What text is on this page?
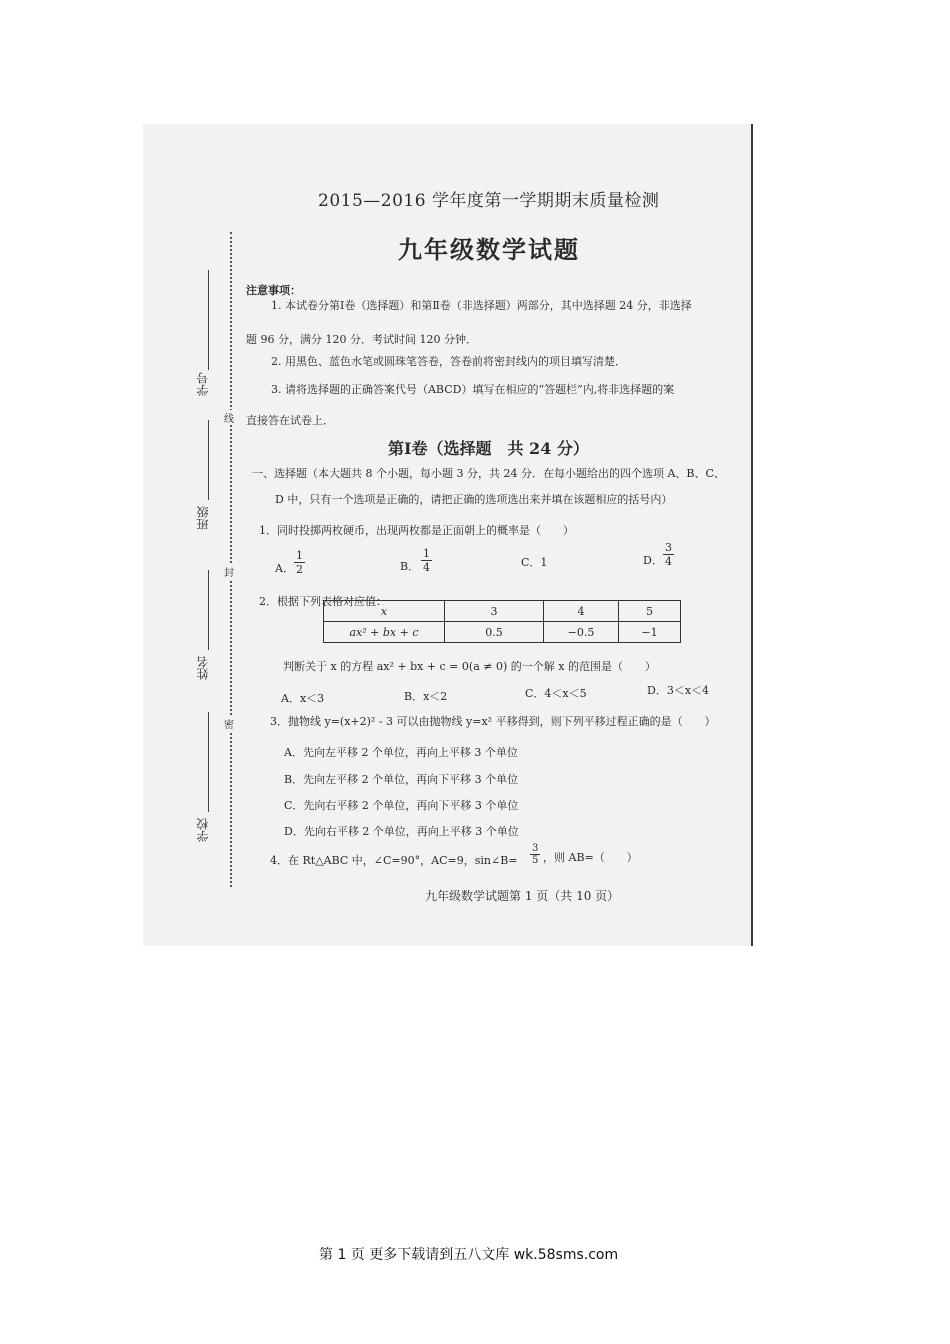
学号
班级
姓名
学校
线
封
密
2015—2016 学年度第一学期期末质量检测
九年级数学试题
注意事项：
1. 本试卷分第Ⅰ卷（选择题）和第Ⅱ卷（非选择题）两部分，其中选择题 24 分，非选择
题 96 分，满分 120 分．考试时间 120 分钟．
2. 用黑色、蓝色水笔或圆珠笔答卷，答卷前将密封线内的项目填写清楚．
3. 请将选择题的正确答案代号（ABCD）填写在相应的“答题栏”内,将非选择题的案
直接答在试卷上．
第Ⅰ卷（选择题　共 24 分）
一、选择题（本大题共 8 个小题，每小题 3 分，共 24 分．在每小题给出的四个选项 A、B、C、
D 中，只有一个选项是正确的，请把正确的选项选出来并填在该题相应的括号内）
1．同时投掷两枚硬币，出现两枚都是正面朝上的概率是（　　）
A． $\frac{1}{2}$	B． $\frac{1}{4}$	C．1	D． $\frac{3}{4}$
2．根据下列表格对应值：
x	3	4	5
ax² + bx + c	0.5	−0.5	−1
判断关于 x 的方程 ax² + bx + c = 0(a ≠ 0) 的一个解 x 的范围是（　　）
A．x＜3	B．x＜2	C．4＜x＜5	D．3＜x＜4
3．抛物线 y=(x+2)² - 3 可以由抛物线 y=x² 平移得到，则下列平移过程正确的是（　　）
A．先向左平移 2 个单位，再向上平移 3 个单位
B．先向左平移 2 个单位，再向下平移 3 个单位
C．先向右平移 2 个单位，再向下平移 3 个单位
D．先向右平移 2 个单位，再向上平移 3 个单位
4．在 Rt△ABC 中，∠C=90°，AC=9，sin∠B= $\frac{3}{5}$ ，则 AB=（　　）
九年级数学试题第 1 页（共 10 页）
第 1 页 更多下载请到五八文库 wk.58sms.com
